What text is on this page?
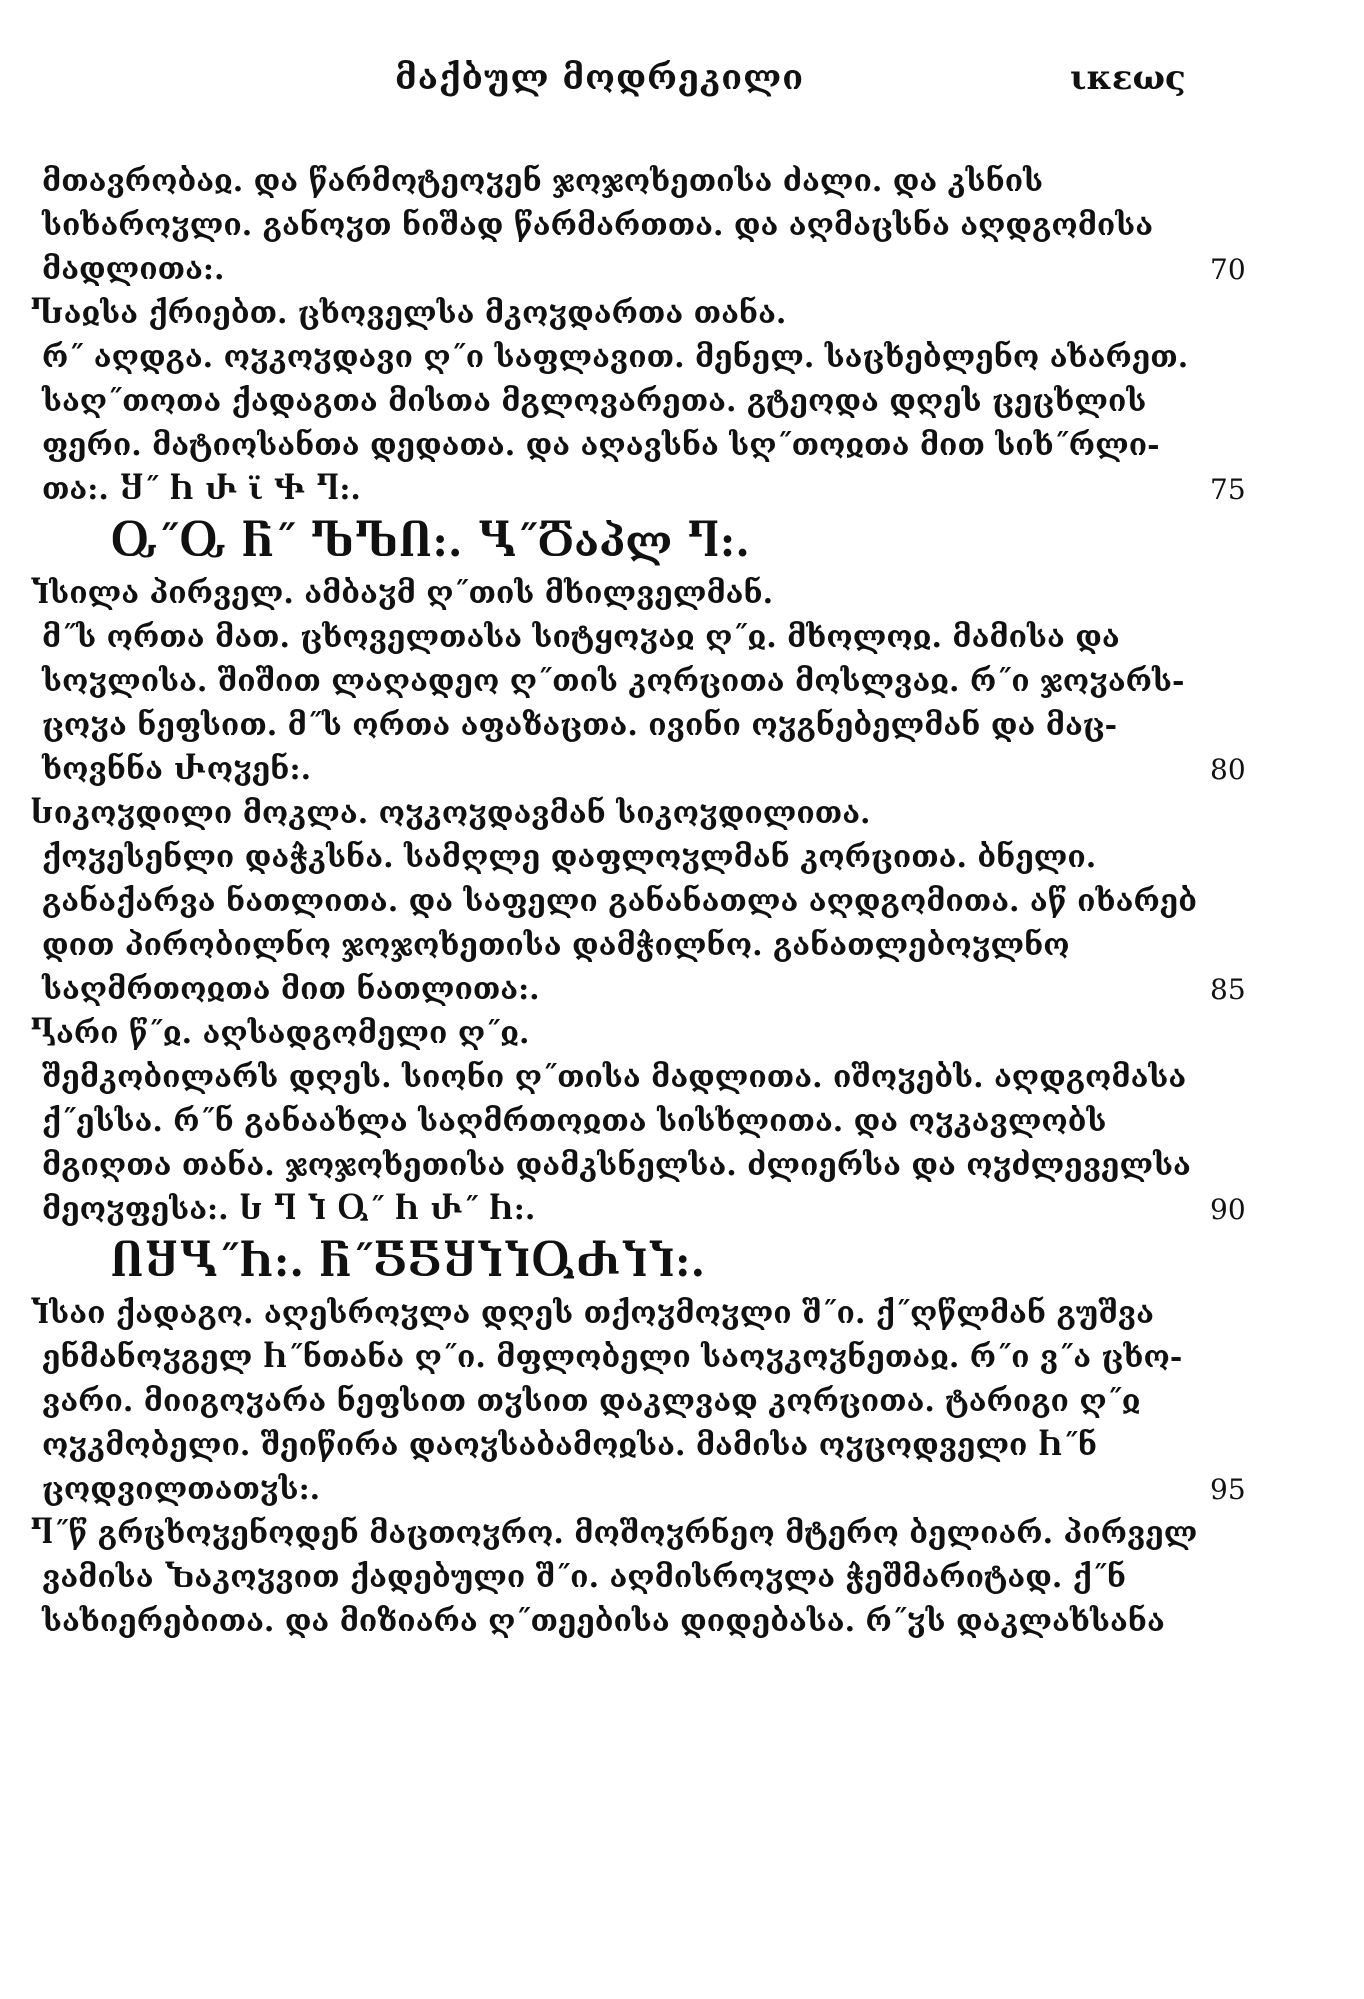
მაქბულ მოდრეკილი	ικεως
მთავრობაჲ. და წარმოტეოჳენ ჯოჯოხეთისა ძალი. და კსნის
სიხაროჳლი. განოჳთ ნიშად წარმართთა. და აღმაცსნა აღდგომისა
მადლითა:.	70
Ⴠაჲსა ქრიებთ. ცხოველსა მკოჳდართა თანა.
რ˝ აღდგა. ოჳკოჳდავი ღ˝ი საფლავით. მენელ. საცხებლენო ახარეთ.
საღ˝თოთა ქადაგთა მისთა მგლოვარეთა. გტეოდა დღეს ცეცხლის
ფერი. მატიოსანთა დედათა. და აღავსნა სღ˝თოჲთა მით სიხ˝რლი-
თა:. Ⴘ˝ Ⴙ Ⴐ ϊ Ⴕ Ⴄ:.	75
Ⴍ˝Ⴍ Ⴌ˝ ႪႪႶ:. Ⴁ˝Ⴃაპლ Ⴄ:.
Ⴈსილა პირველ. ამბაჳმ ღ˝თის მხილველმან.
მ˝ს ორთა მათ. ცხოველთასა სიტყოჳაჲ ღ˝ჲ. მხოლოჲ. მამისა და
სოჳლისა. შიშით ლაღადეო ღ˝თის კორცითა მოსლვაჲ. რ˝ი ჯოჳარს-
ცოჳა ნეფსით. მ˝ს ორთა აფაზაცთა. ივინი ოჳგნებელმან და მაც-
ხოვნნა Ⴐოჳენ:.	80
Ⴑიკოჳდილი მოკლა. ოჳკოჳდავმან სიკოჳდილითა.
ქოჳესენლი დაჭკსნა. სამღლე დაფლოჳლმან კორცითა. ბნელი.
განაქარვა ნათლითა. და საფელი განანათლა აღდგომითა. აწ იხარებ
დით პირობილნო ჯოჯოხეთისა დამჭილნო. განათლებოჳლნო
საღმრთოჲთა მით ნათლითა:.	85
Ⴂარი წ˝ჲ. აღსადგომელი ღ˝ჲ.
შემკობილარს დღეს. სიონი ღ˝თისა მადლითა. იშოჳებს. აღდგომასა
ქ˝ესსა. რ˝ნ განაახლა საღმრთოჲთა სისხლითა. და ოჳკავლობს
მგიღთა თანა. ჯოჯოხეთისა დამკსნელსა. ძლიერსა და ოჳძლეველსა
მეოჳფესა:. Ⴑ Ⴄ Ⴈ Ⴓ˝ Ⴙ Ⴐ˝ Ⴙ:.	90
ႶႸႡ˝Ⴙ:. Ⴌ˝ႽႽႸႨႨႳႻႨႨ:.
Ⴈსაი ქადაგო. აღესროჳლა დღეს თქოჳმოჳლი შ˝ი. ქ˝ღწლმან გუშვა
ენმანოჳგელ Ⴙ˝ნთანა ღ˝ი. მფლობელი საოჳკოჳნეთაჲ. რ˝ი ვ˝ა ცხო-
ვარი. მიიგოჳარა ნეფსით თჳსით დაკლვად კორცითა. ტარიგი ღ˝ჲ
ოჳკმობელი. შეიწირა დაოჳსაბამოჲსა. მამისა ოჳცოდველი Ⴙ˝ნ
ცოდვილთათჳს:.	95
Ⴄ˝წ გრცხოჳენოდენ მაცთოჳრო. მოშოჳრნეო მტერო ბელიარ. პირველ
ვამისა Ⴆაკოჳვით ქადებული შ˝ი. აღმისროჳლა ჭეშმარიტად. ქ˝ნ
სახიერებითა. და მიზიარა ღ˝თეებისა დიდებასა. რ˝ჳს დაკლახსანა
